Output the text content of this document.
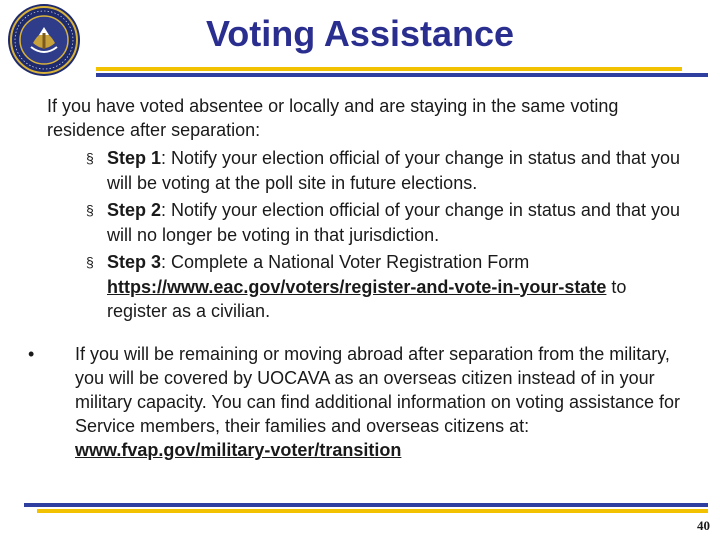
Voting Assistance

If you have voted absentee or locally and are staying in the same voting residence after separation:

§ Step 1: Notify your election official of your change in status and that you will be voting at the poll site in future elections.
§ Step 2: Notify your election official of your change in status and that you will no longer be voting in that jurisdiction.
§ Step 3: Complete a National Voter Registration Form https://www.eac.gov/voters/register-and-vote-in-your-state to register as a civilian.
• If you will be remaining or moving abroad after separation from the military, you will be covered by UOCAVA as an overseas citizen instead of in your military capacity. You can find additional information on voting assistance for Service members, their families and overseas citizens at: www.fvap.gov/military-voter/transition
40
